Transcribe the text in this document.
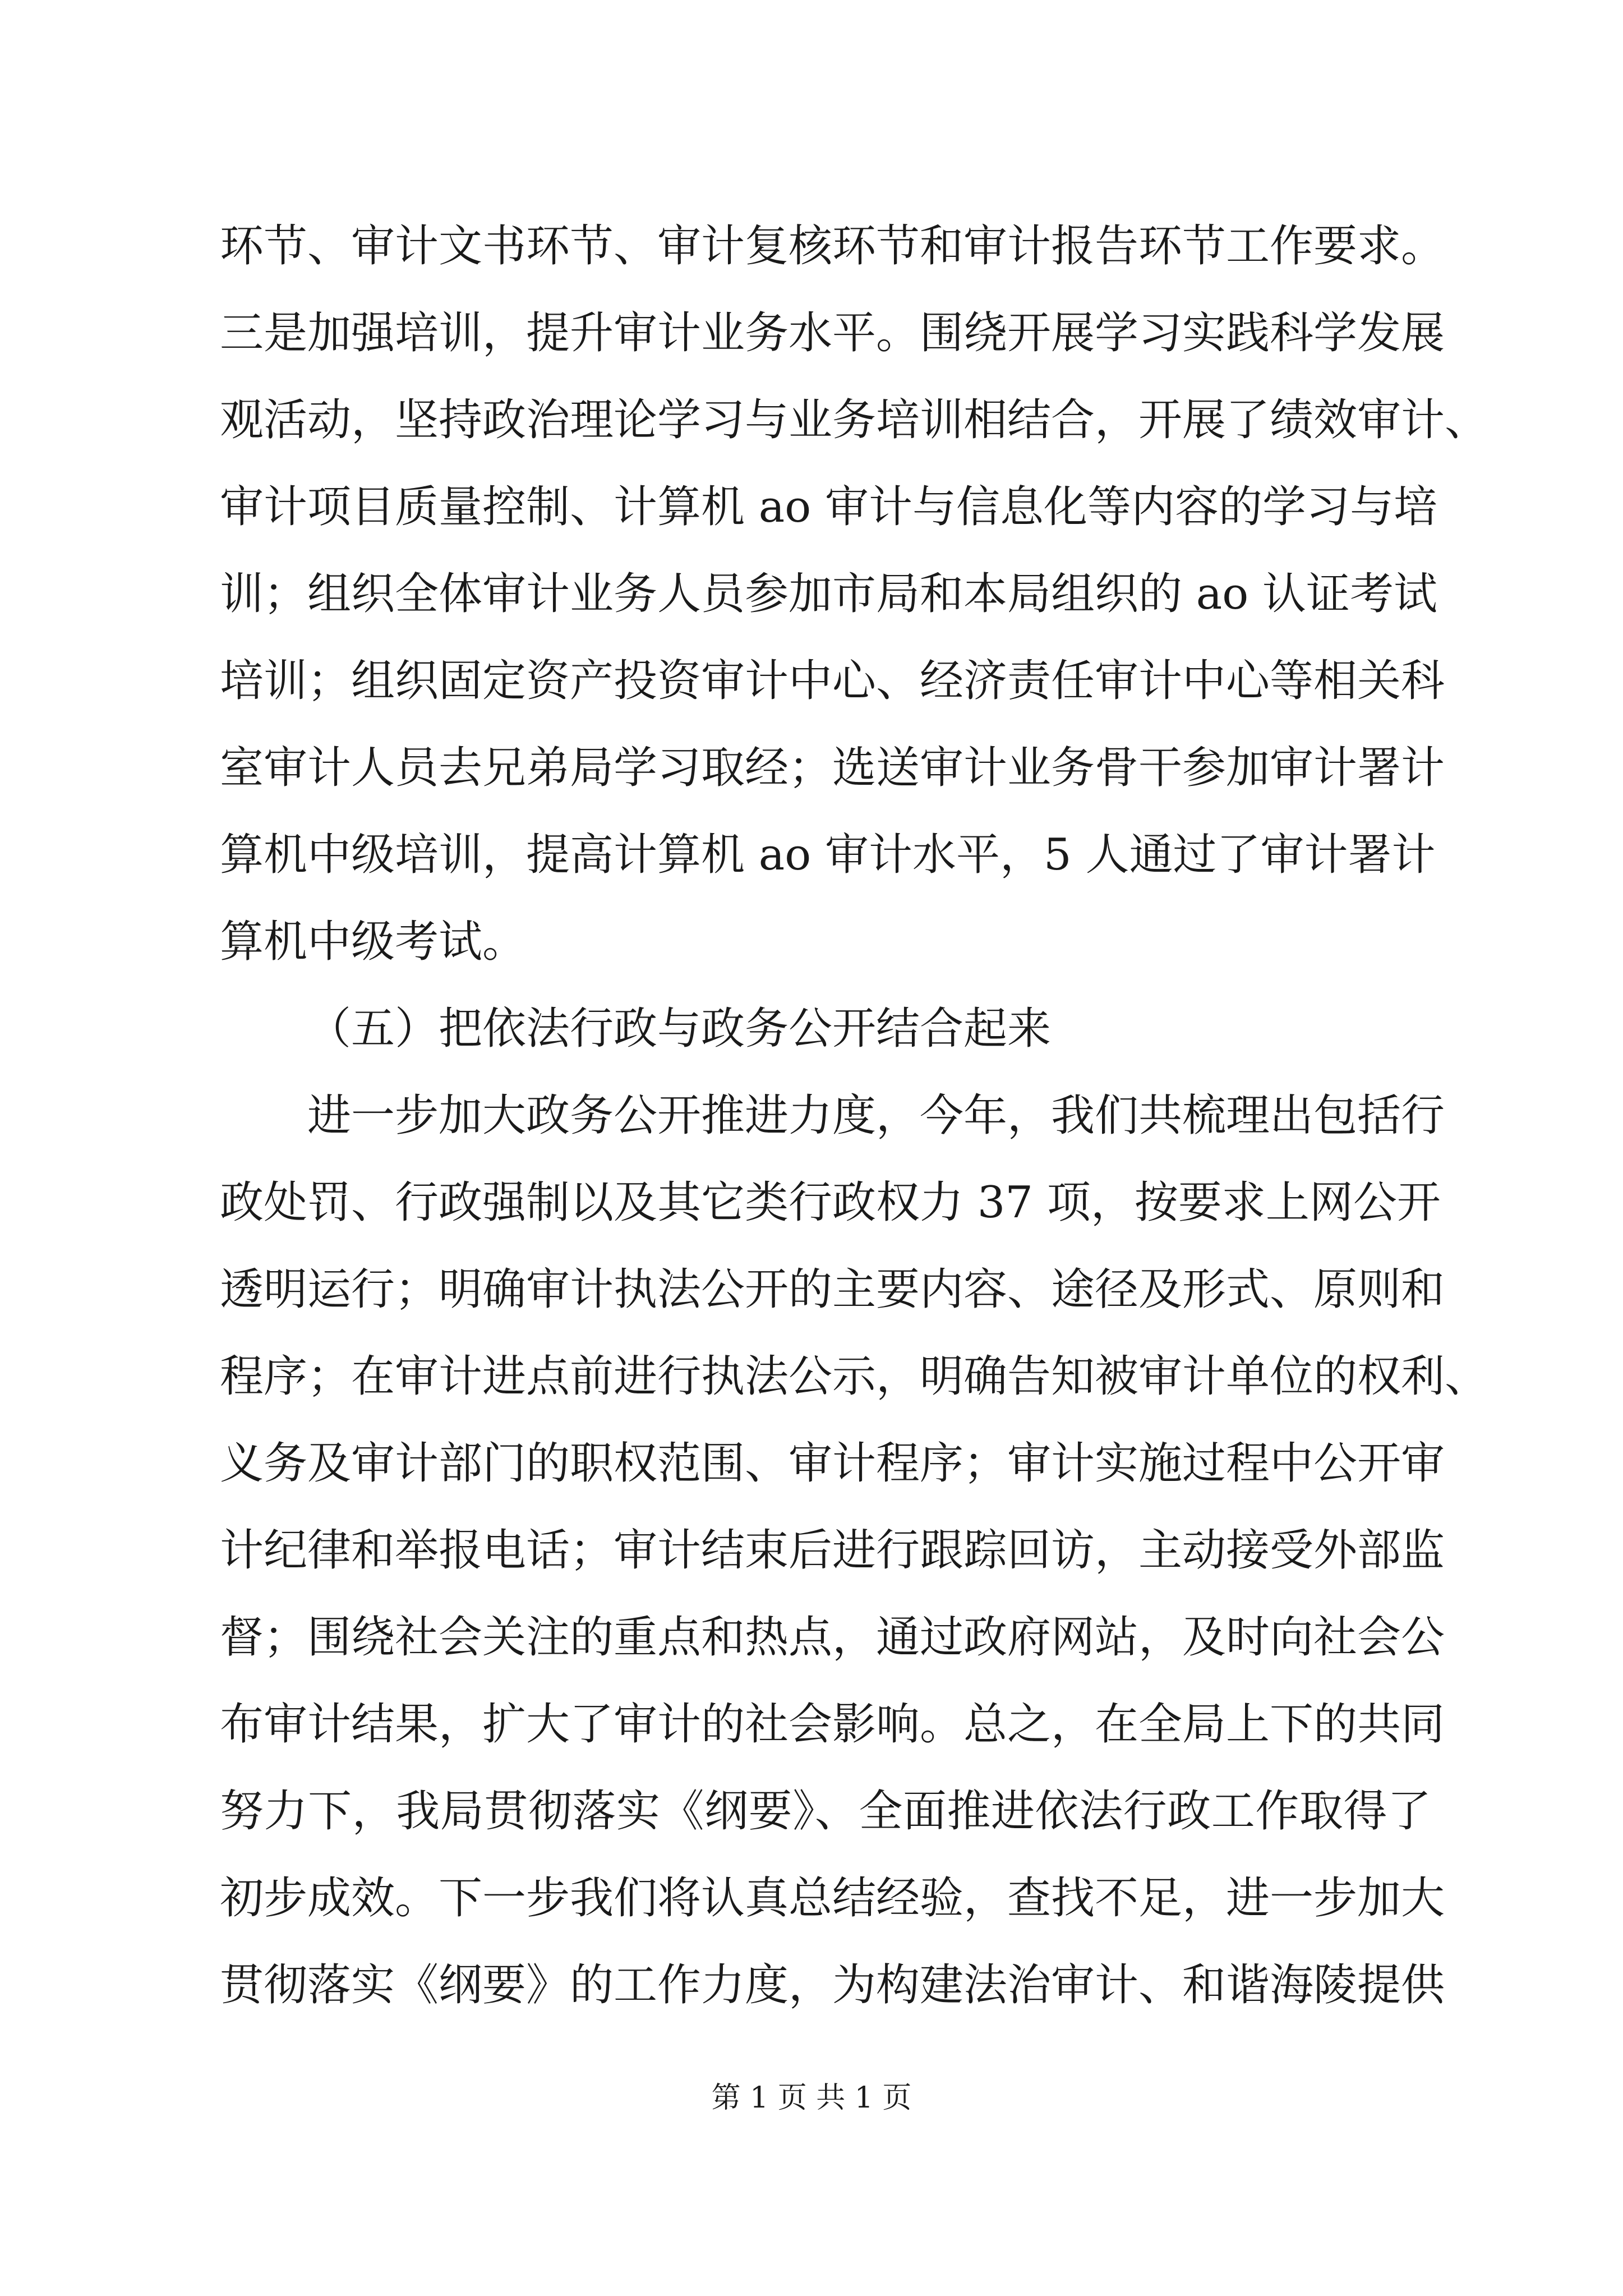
环节、审计文书环节、审计复核环节和审计报告环节工作要求。
三是加强培训，提升审计业务水平。围绕开展学习实践科学发展
观活动，坚持政治理论学习与业务培训相结合，开展了绩效审计、
审计项目质量控制、计算机 ao 审计与信息化等内容的学习与培
训；组织全体审计业务人员参加市局和本局组织的 ao 认证考试
培训；组织固定资产投资审计中心、经济责任审计中心等相关科
室审计人员去兄弟局学习取经；选送审计业务骨干参加审计署计
算机中级培训，提高计算机 ao 审计水平，5 人通过了审计署计
算机中级考试。
（五）把依法行政与政务公开结合起来
进一步加大政务公开推进力度，今年，我们共梳理出包括行
政处罚、行政强制以及其它类行政权力 37 项，按要求上网公开
透明运行；明确审计执法公开的主要内容、途径及形式、原则和
程序；在审计进点前进行执法公示，明确告知被审计单位的权利、
义务及审计部门的职权范围、审计程序；审计实施过程中公开审
计纪律和举报电话；审计结束后进行跟踪回访，主动接受外部监
督；围绕社会关注的重点和热点，通过政府网站，及时向社会公
布审计结果，扩大了审计的社会影响。总之，在全局上下的共同
努力下，我局贯彻落实《纲要》、全面推进依法行政工作取得了
初步成效。下一步我们将认真总结经验，查找不足，进一步加大
贯彻落实《纲要》的工作力度，为构建法治审计、和谐海陵提供
第 1 页 共 1 页
